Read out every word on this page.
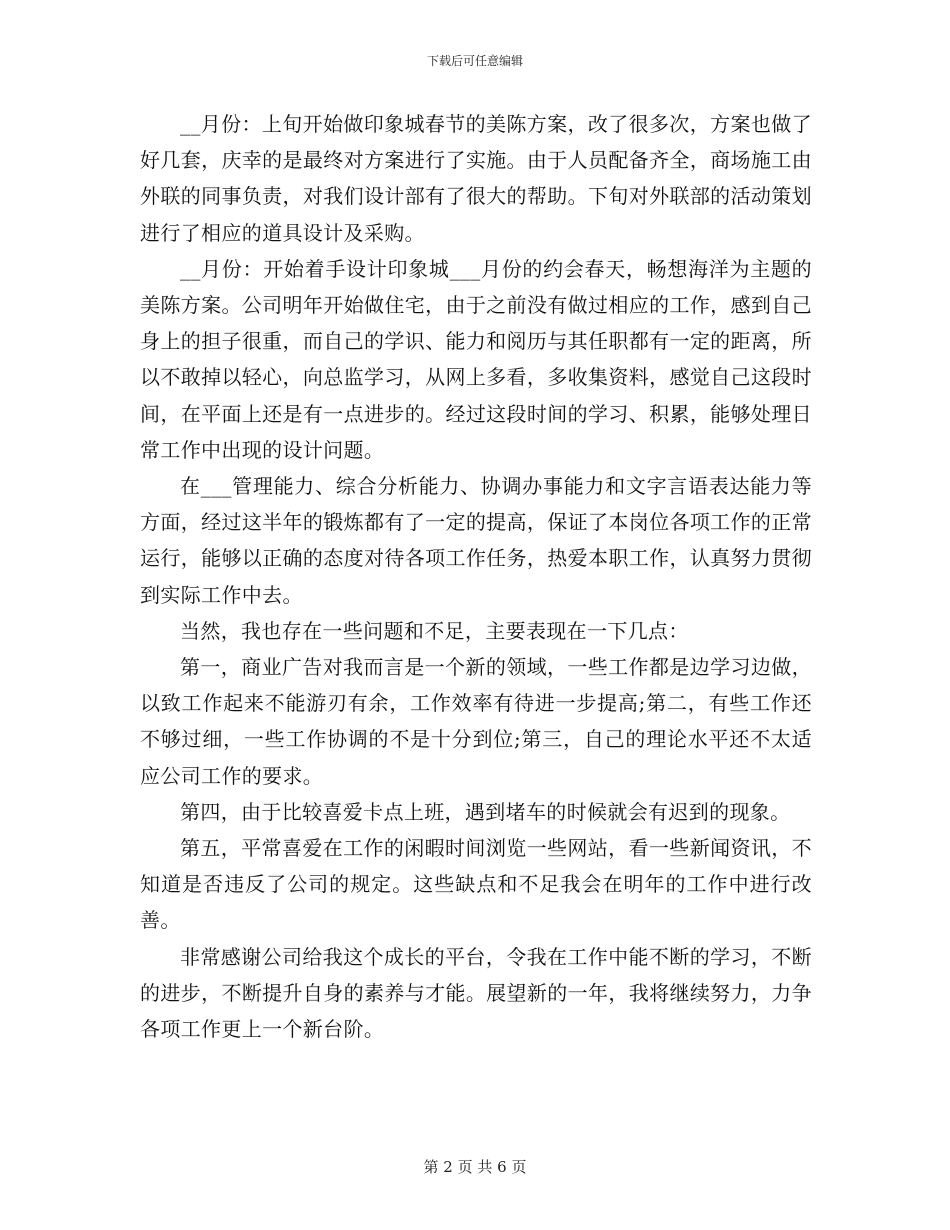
下载后可任意编辑

__月份：上旬开始做印象城春节的美陈方案，改了很多次，方案也做了好几套，庆幸的是最终对方案进行了实施。由于人员配备齐全，商场施工由外联的同事负责，对我们设计部有了很大的帮助。下旬对外联部的活动策划进行了相应的道具设计及采购。

__月份：开始着手设计印象城___月份的约会春天，畅想海洋为主题的美陈方案。公司明年开始做住宅，由于之前没有做过相应的工作，感到自己身上的担子很重，而自己的学识、能力和阅历与其任职都有一定的距离，所以不敢掉以轻心，向总监学习，从网上多看，多收集资料，感觉自己这段时间，在平面上还是有一点进步的。经过这段时间的学习、积累，能够处理日常工作中出现的设计问题。

在___管理能力、综合分析能力、协调办事能力和文字言语表达能力等方面，经过这半年的锻炼都有了一定的提高，保证了本岗位各项工作的正常运行，能够以正确的态度对待各项工作任务，热爱本职工作，认真努力贯彻到实际工作中去。

当然，我也存在一些问题和不足，主要表现在一下几点：

第一，商业广告对我而言是一个新的领域，一些工作都是边学习边做，以致工作起来不能游刃有余，工作效率有待进一步提高;第二，有些工作还不够过细，一些工作协调的不是十分到位;第三，自己的理论水平还不太适应公司工作的要求。

第四，由于比较喜爱卡点上班，遇到堵车的时候就会有迟到的现象。

第五，平常喜爱在工作的闲暇时间浏览一些网站，看一些新闻资讯，不知道是否违反了公司的规定。这些缺点和不足我会在明年的工作中进行改善。

非常感谢公司给我这个成长的平台，令我在工作中能不断的学习，不断的进步，不断提升自身的素养与才能。展望新的一年，我将继续努力，力争各项工作更上一个新台阶。

第 2 页 共 6 页
